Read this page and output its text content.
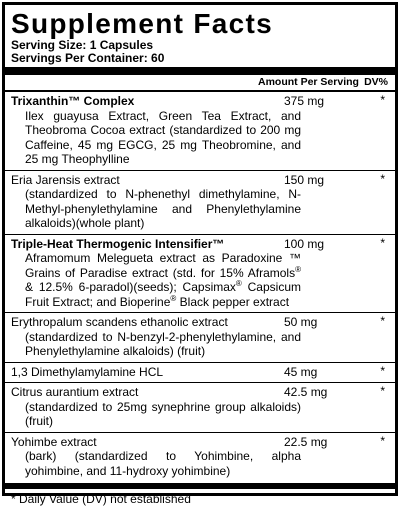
Supplement Facts
Serving Size: 1 Capsules
Servings Per Container: 60
Amount Per Serving DV%
Trixanthin™ Complex
Ilex guayusa Extract, Green Tea Extract, and Theobroma Cocoa extract (standardized to 200 mg Caffeine, 45 mg EGCG, 25 mg Theobromine, and 25 mg Theophylline
375 mg	*
Eria Jarensis extract
(standardized to N-phenethyl dimethylamine, N-Methyl-phenylethylamine and Phenylethylamine alkaloids)(whole plant)
150 mg	*
Triple-Heat Thermogenic Intensifier™
Aframomum Melegueta extract as Paradoxine ™ Grains of Paradise extract (std. for 15% Aframols® & 12.5% 6-paradol)(seeds); Capsimax® Capsicum Fruit Extract; and Bioperine® Black pepper extract
100 mg	*
Erythropalum scandens ethanolic extract
(standardized to N-benzyl-2-phenylethylamine, and Phenylethylamine alkaloids) (fruit)
50 mg	*
1,3 Dimethylamylamine HCL	45 mg	*
Citrus aurantium extract
(standardized to 25mg synephrine group alkaloids) (fruit)
42.5 mg	*
Yohimbe extract
(bark) (standardized to Yohimbine, alpha yohimbine, and 11-hydroxy yohimbine)
22.5 mg	*
* Daily Value (DV) not established
